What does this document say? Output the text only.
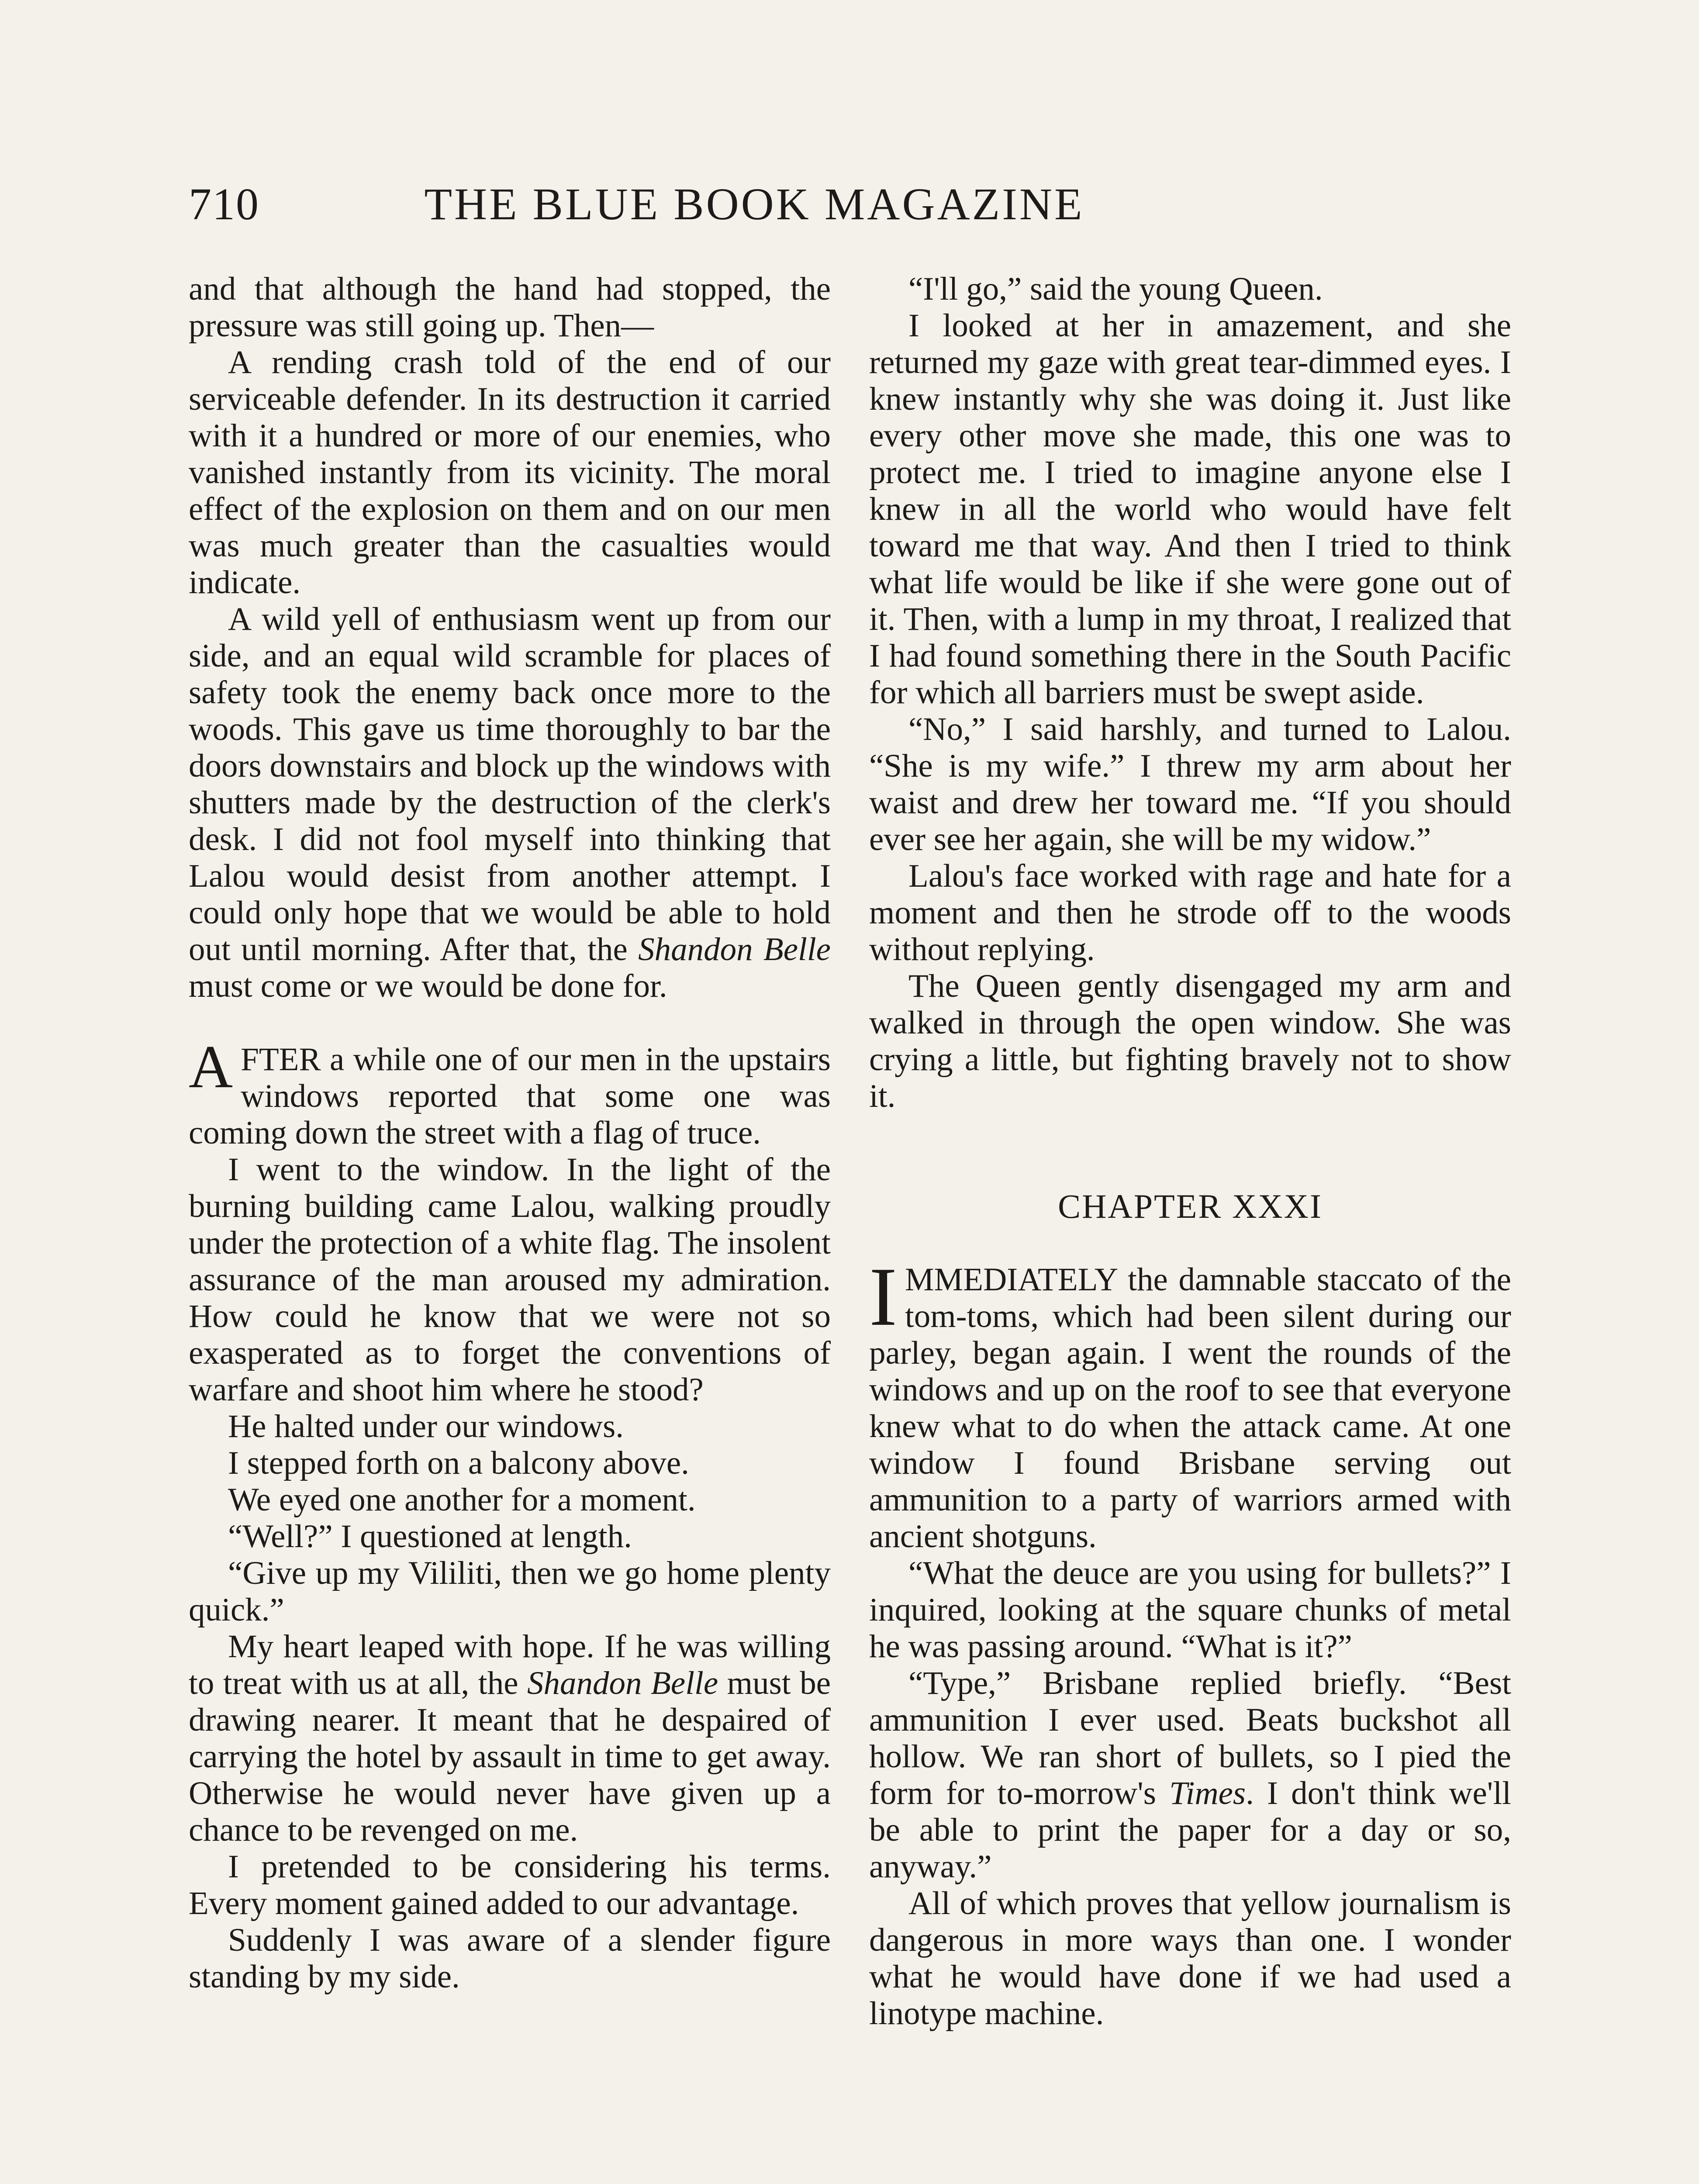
710	THE BLUE BOOK MAGAZINE

and that although the hand had stopped, the pressure was still going up. Then—

A rending crash told of the end of our serviceable defender. In its destruction it carried with it a hundred or more of our enemies, who vanished instantly from its vicinity. The moral effect of the explosion on them and on our men was much greater than the casualties would indicate.

A wild yell of enthusiasm went up from our side, and an equal wild scramble for places of safety took the enemy back once more to the woods. This gave us time thoroughly to bar the doors downstairs and block up the windows with shutters made by the destruction of the clerk's desk. I did not fool myself into thinking that Lalou would desist from another attempt. I could only hope that we would be able to hold out until morning. After that, the Shandon Belle must come or we would be done for.

AFTER a while one of our men in the upstairs windows reported that some one was coming down the street with a flag of truce.

I went to the window. In the light of the burning building came Lalou, walking proudly under the protection of a white flag. The insolent assurance of the man aroused my admiration. How could he know that we were not so exasperated as to forget the conventions of warfare and shoot him where he stood?

He halted under our windows.

I stepped forth on a balcony above.

We eyed one another for a moment.

“Well?” I questioned at length.

“Give up my Vililiti, then we go home plenty quick.”

My heart leaped with hope. If he was willing to treat with us at all, the Shandon Belle must be drawing nearer. It meant that he despaired of carrying the hotel by assault in time to get away. Otherwise he would never have given up a chance to be revenged on me.

I pretended to be considering his terms. Every moment gained added to our advantage.

Suddenly I was aware of a slender figure standing by my side.

“I'll go,” said the young Queen.

I looked at her in amazement, and she returned my gaze with great tear-dimmed eyes. I knew instantly why she was doing it. Just like every other move she made, this one was to protect me. I tried to imagine anyone else I knew in all the world who would have felt toward me that way. And then I tried to think what life would be like if she were gone out of it. Then, with a lump in my throat, I realized that I had found something there in the South Pacific for which all barriers must be swept aside.

“No,” I said harshly, and turned to Lalou. “She is my wife.” I threw my arm about her waist and drew her toward me. “If you should ever see her again, she will be my widow.”

Lalou's face worked with rage and hate for a moment and then he strode off to the woods without replying.

The Queen gently disengaged my arm and walked in through the open window. She was crying a little, but fighting bravely not to show it.

CHAPTER XXXI

IMMEDIATELY the damnable staccato of the tom-toms, which had been silent during our parley, began again. I went the rounds of the windows and up on the roof to see that everyone knew what to do when the attack came. At one window I found Brisbane serving out ammunition to a party of warriors armed with ancient shotguns.

“What the deuce are you using for bullets?” I inquired, looking at the square chunks of metal he was passing around. “What is it?”

“Type,” Brisbane replied briefly. “Best ammunition I ever used. Beats buckshot all hollow. We ran short of bullets, so I pied the form for to-morrow's Times. I don't think we'll be able to print the paper for a day or so, anyway.”

All of which proves that yellow journalism is dangerous in more ways than one. I wonder what he would have done if we had used a linotype machine.
